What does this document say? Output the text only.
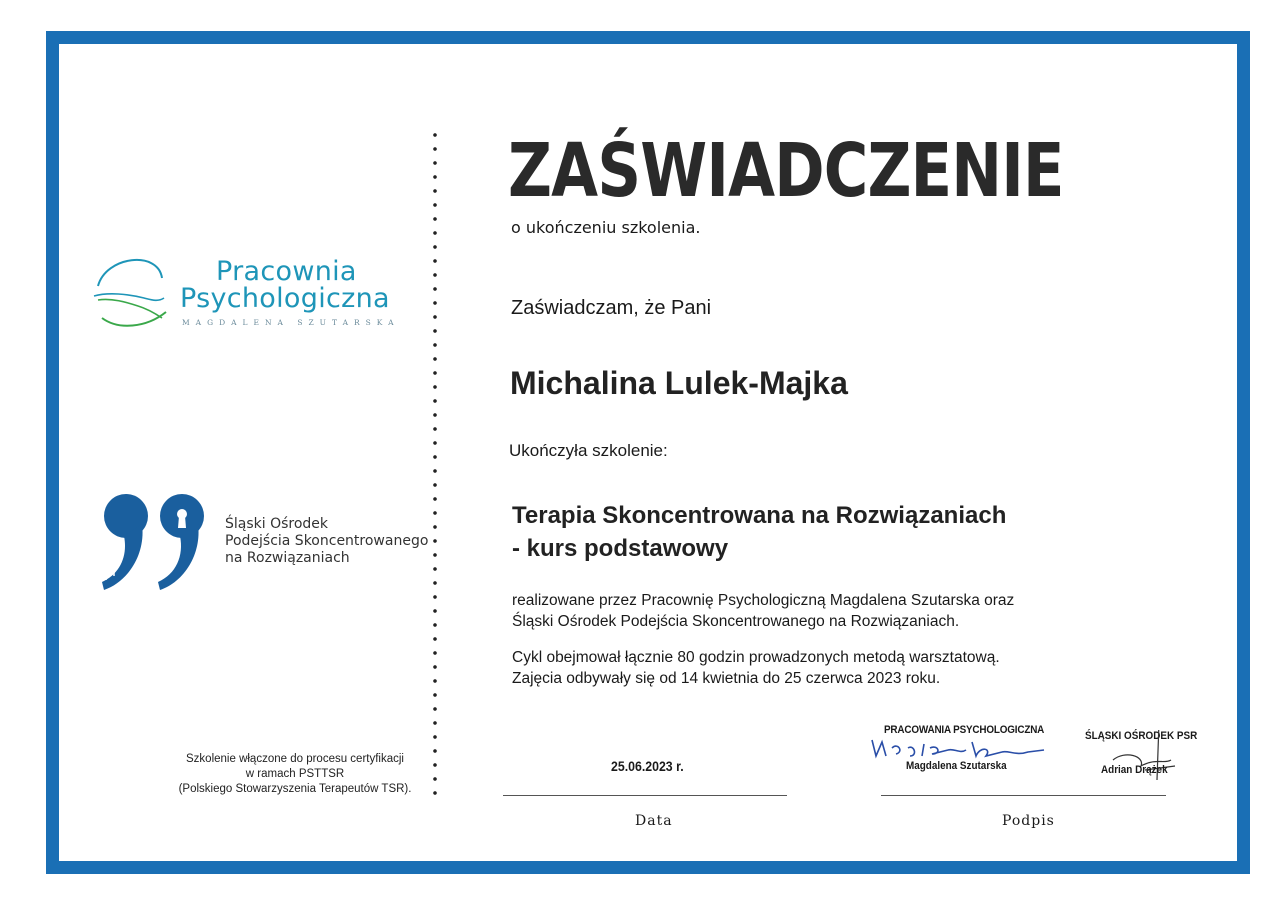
Pracownia
Psychologiczna
MAGDALENA SZUTARSKA
Śląski Ośrodek
Podejścia Skoncentrowanego
na Rozwiązaniach
Szkolenie włączone do procesu certyfikacji
w ramach PSTTSR
(Polskiego Stowarzyszenia Terapeutów TSR).
ZAŚWIADCZENIE
o ukończeniu szkolenia.
Zaświadczam, że Pani
Michalina Lulek-Majka
Ukończyła szkolenie:
Terapia Skoncentrowana na Rozwiązaniach
- kurs podstawowy
realizowane przez Pracownię Psychologiczną Magdalena Szutarska oraz
Śląski Ośrodek Podejścia Skoncentrowanego na Rozwiązaniach.
Cykl obejmował łącznie 80 godzin prowadzonych metodą warsztatową.
Zajęcia odbywały się od 14 kwietnia do 25 czerwca 2023 roku.
PRACOWANIA PSYCHOLOGICZNA
Magdalena Szutarska
ŚLĄSKI OŚRODEK PSR
Adrian Drążek
25.06.2023 r.
Data	Podpis
